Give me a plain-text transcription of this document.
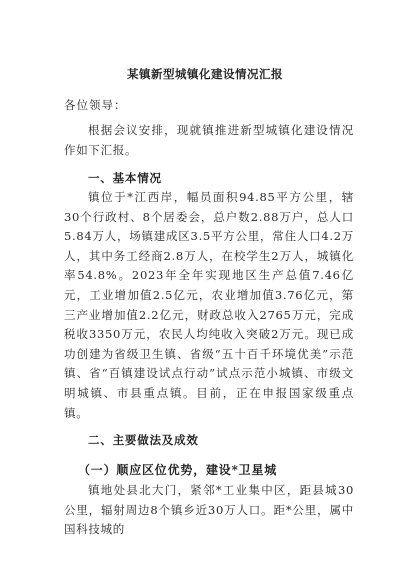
某镇新型城镇化建设情况汇报
各位领导：

根据会议安排，现就镇推进新型城镇化建设情况作如下汇报。

一、基本情况

镇位于*江西岸，幅员面积94.85平方公里，辖30个行政村、8个居委会，总户数2.88万户，总人口5.84万人，场镇建成区3.5平方公里，常住人口4.2万人，其中务工经商2.8万人，在校学生2万人，城镇化率54.8%。2023年全年实现地区生产总值7.46亿元，工业增加值2.5亿元，农业增加值3.76亿元，第三产业增加值2.2亿元，财政总收入2765万元，完成税收3350万元，农民人均纯收入突破2万元。现已成功创建为省级卫生镇、省级“五十百千环境优美”示范镇、省“百镇建设试点行动”试点示范小城镇、市级文明城镇、市县重点镇。目前，正在申报国家级重点镇。

二、主要做法及成效
（一）顺应区位优势，建设*卫星城

镇地处县北大门，紧邻*工业集中区，距县城30公里，辐射周边8个镇乡近30万人口。距*公里，属中国科技城的
